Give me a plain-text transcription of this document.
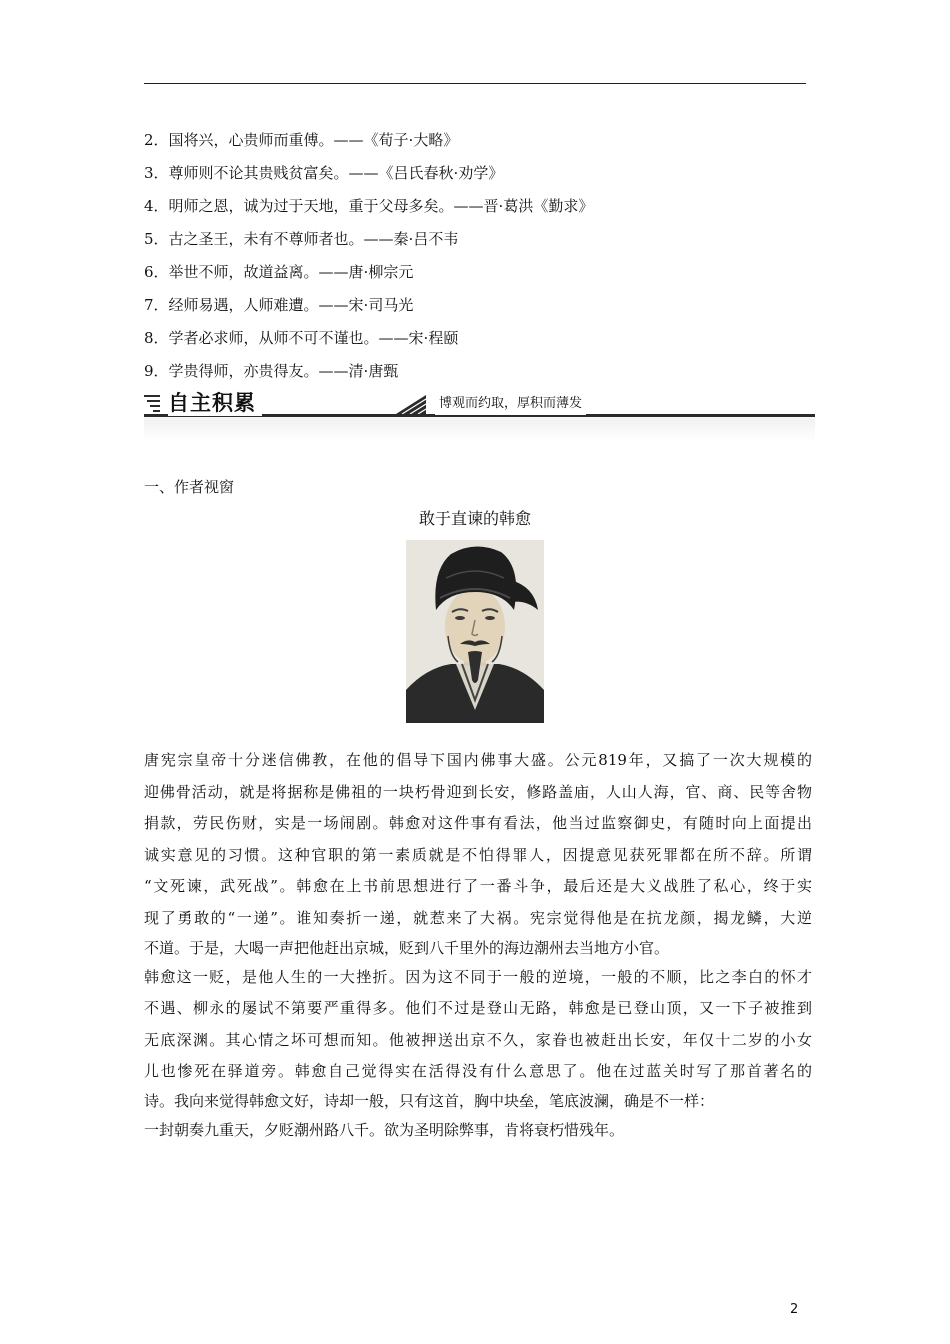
2．国将兴，心贵师而重傅。——《荀子·大略》
3．尊师则不论其贵贱贫富矣。——《吕氏春秋·劝学》
4．明师之恩，诚为过于天地，重于父母多矣。——晋·葛洪《勤求》
5．古之圣王，未有不尊师者也。——秦·吕不韦
6．举世不师，故道益离。——唐·柳宗元
7．经师易遇，人师难遭。——宋·司马光
8．学者必求师，从师不可不谨也。——宋·程颐
9．学贵得师，亦贵得友。——清·唐甄
自主积累	博观而约取，厚积而薄发
一、作者视窗
敢于直谏的韩愈
唐宪宗皇帝十分迷信佛教，在他的倡导下国内佛事大盛。公元819年，又搞了一次大规模的
迎佛骨活动，就是将据称是佛祖的一块朽骨迎到长安，修路盖庙，人山人海，官、商、民等舍物
捐款，劳民伤财，实是一场闹剧。韩愈对这件事有看法，他当过监察御史，有随时向上面提出
诚实意见的习惯。这种官职的第一素质就是不怕得罪人，因提意见获死罪都在所不辞。所谓
“文死谏，武死战”。韩愈在上书前思想进行了一番斗争，最后还是大义战胜了私心，终于实
现了勇敢的“一递”。谁知奏折一递，就惹来了大祸。宪宗觉得他是在抗龙颜，揭龙鳞，大逆
不道。于是，大喝一声把他赶出京城，贬到八千里外的海边潮州去当地方小官。
韩愈这一贬，是他人生的一大挫折。因为这不同于一般的逆境，一般的不顺，比之李白的怀才
不遇、柳永的屡试不第要严重得多。他们不过是登山无路，韩愈是已登山顶，又一下子被推到
无底深渊。其心情之坏可想而知。他被押送出京不久，家眷也被赶出长安，年仅十二岁的小女
儿也惨死在驿道旁。韩愈自己觉得实在活得没有什么意思了。他在过蓝关时写了那首著名的
诗。我向来觉得韩愈文好，诗却一般，只有这首，胸中块垒，笔底波澜，确是不一样：
一封朝奏九重天，夕贬潮州路八千。欲为圣明除弊事，肯将衰朽惜残年。
2
